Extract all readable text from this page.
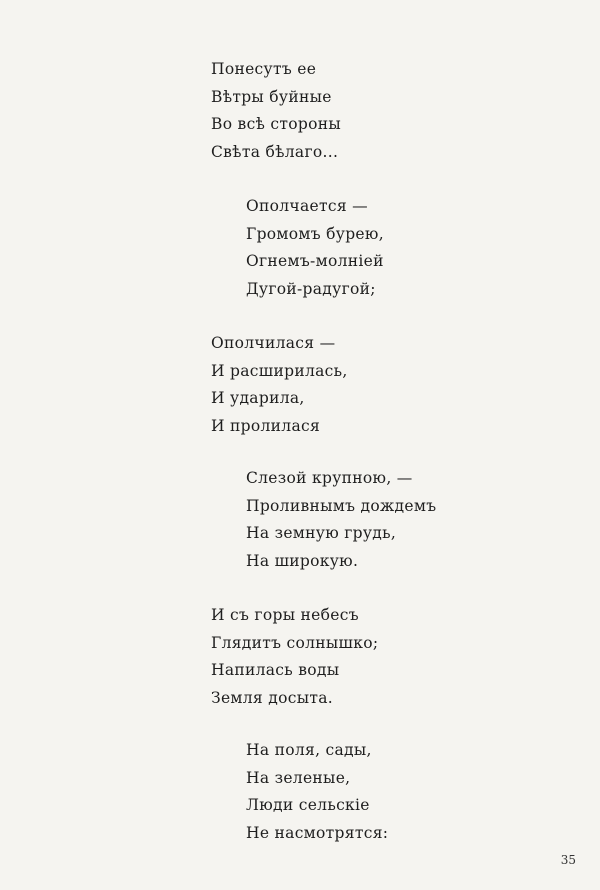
Понесутъ ее
Вѣтры буйные
Во всѣ стороны
Свѣта бѣлаго...
Ополчается —
Громомъ бурею,
Огнемъ-молніей
Дугой-радугой;
Ополчилася —
И расширилась,
И ударила,
И пролилася
Слезой крупною, —
Проливнымъ дождемъ
На земную грудь,
На широкую.
И съ горы небесъ
Глядитъ солнышко;
Напилась воды
Земля досыта.
На поля, сады,
На зеленые,
Люди сельскіе
Не насмотрятся:
35
